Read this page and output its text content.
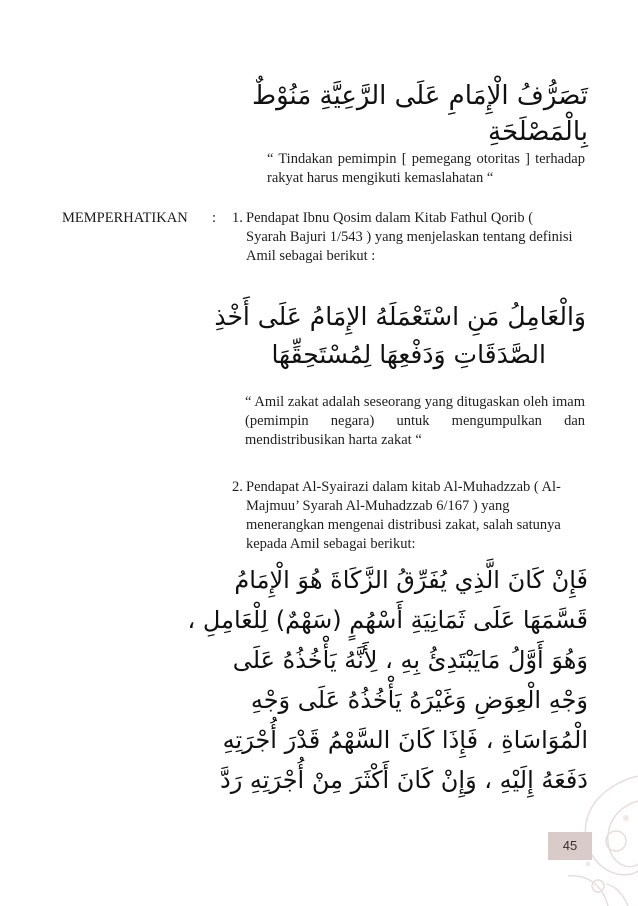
تَصَرُّفُ الْإِمَامِ عَلَى الرَّعِيَّةِ مَنُوْطٌ
بِالْمَصْلَحَةِ
“ Tindakan pemimpin [ pemegang otoritas ] terhadap rakyat harus mengikuti kemaslahatan “
MEMPERHATIKAN : 1. Pendapat Ibnu Qosim dalam Kitab Fathul Qorib ( Syarah Bajuri 1/543 ) yang menjelaskan tentang definisi Amil sebagai berikut :
وَالْعَامِلُ مَنِ اسْتَعْمَلَهُ الإِمَامُ عَلَى أَخْذِ
الصَّدَقَاتِ وَدَفْعِهَا لِمُسْتَحِقِّهَا
“ Amil zakat adalah seseorang yang ditugaskan oleh imam (pemimpin negara) untuk mengumpulkan dan mendistribusikan harta zakat “
2. Pendapat Al-Syairazi dalam kitab Al-Muhadzzab ( Al-Majmuu’ Syarah Al-Muhadzzab 6/167 ) yang menerangkan mengenai distribusi zakat, salah satunya kepada Amil sebagai berikut:
فَإِنْ كَانَ الَّذِي يُفَرِّقُ الزَّكَاةَ هُوَ الْإِمَامُ
قَسَّمَهَا عَلَى ثَمَانِيَةِ أَسْهُمٍ (سَهْمٌ) لِلْعَامِلِ ،
وَهُوَ أَوَّلُ مَايَبْتَدِئُ بِهِ ، لِأَنَّهُ يَأْخُذُهُ عَلَى
وَجْهِ الْعِوَضِ وَغَيْرَهُ يَأْخُذُهُ عَلَى وَجْهِ
الْمُوَاسَاةِ ، فَإِذَا كَانَ السَّهْمُ قَدْرَ أُجْرَتِهِ
دَفَعَهُ إِلَيْهِ ، وَإِنْ كَانَ أَكْثَرَ مِنْ أُجْرَتِهِ رَدَّ
45
